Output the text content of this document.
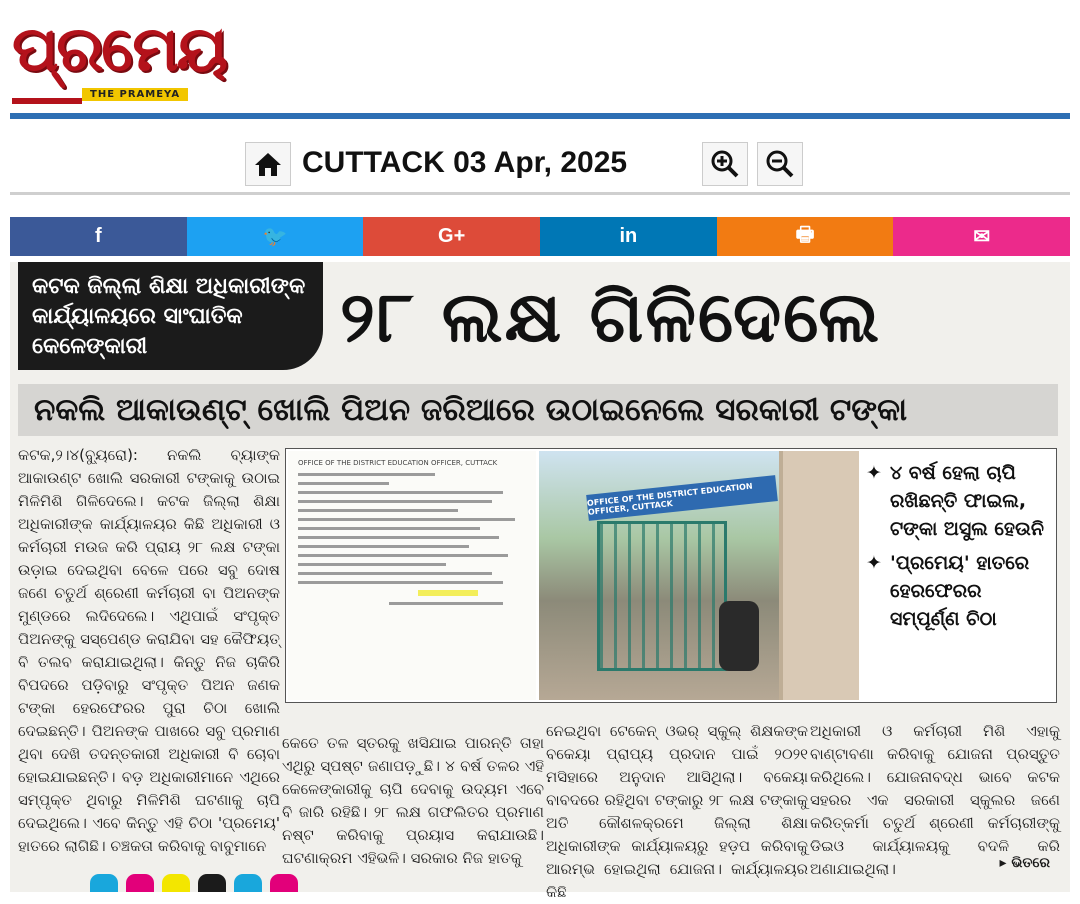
ପ୍ରମେୟ
THE PRAMEYA
CUTTACK 03 Apr, 2025
f	🐦	G+	in	🖶	✉
କଟକ ଜିଲ୍ଲା ଶିକ୍ଷା ଅଧିକାରୀଙ୍କ କାର୍ଯ୍ୟାଳୟରେ ସାଂଘାତିକ କେଳେଙ୍କାରୀ	୨୮ ଲକ୍ଷ ଗିଳିଦେଲେ
ନକଲି ଆକାଉଣ୍ଟ୍ ଖୋଲି ପିଅନ ଜରିଆରେ ଉଠାଇନେଲେ ସରକାରୀ ଟଙ୍କା
କଟକ,୨।୪(ବ୍ୟୁରୋ): ନକଲି ବ୍ୟାଙ୍କ ଆକାଉଣ୍ଟ ଖୋଲି ସରକାରୀ ଟଙ୍କାକୁ ଉଠାଇ ମିଳିମିଶି ଗିଳିଦେଲେ। କଟକ ଜିଲ୍ଲା ଶିକ୍ଷା ଅଧିକାରୀଙ୍କ କାର୍ଯ୍ୟାଳୟର କିଛି ଅଧିକାରୀ ଓ କର୍ମଚାରୀ ମଉଜ କରି ପ୍ରାୟ ୨୮ ଲକ୍ଷ ଟଙ୍କା ଉଡ଼ାଇ ଦେଇଥିବା ବେଳେ ପରେ ସବୁ ଦୋଷ ଜଣେ ଚତୁର୍ଥ ଶ୍ରେଣୀ କର୍ମଚାରୀ ବା ପିଅନଙ୍କ ମୁଣ୍ଡରେ ଲଦିଦେଲେ। ଏଥିପାଇଁ ସଂପୃକ୍ତ ପିଅନଙ୍କୁ ସସ୍ପେଣ୍ଡ କରାଯିବା ସହ କୈଫିୟତ୍ ବି ତଲବ କରାଯାଇଥିଲା। କିନ୍ତୁ ନିଜ ଚାକିରି ବିପଦରେ ପଡ଼ିବାରୁ ସଂପୃକ୍ତ ପିଅନ ଜଣକ ଟଙ୍କା ହେରଫେରର ପୁରା ଚିଠା ଖୋଲି ଦେଇଛନ୍ତି। ପିଅନଙ୍କ ପାଖରେ ସବୁ ପ୍ରମାଣ ଥିବା ଦେଖି ତଦନ୍ତକାରୀ ଅଧିକାରୀ ବି ଚୋବା ହୋଇଯାଇଛନ୍ତି। ବଡ଼ ଅଧିକାରୀମାନେ ଏଥିରେ ସମ୍ପୃକ୍ତ ଥିବାରୁ ମିଳିମିଶି ଘଟଣାକୁ ଚାପି ଦେଇଥିଲେ। ଏବେ କିନ୍ତୁ ଏହି ଚିଠା 'ପ୍ରମେୟ' ହାତରେ ଲାଗିଛି। ଚଞ୍ଚକତା କରିବାକୁ ବାବୁମାନେ
OFFICE OF THE DISTRICT EDUCATION OFFICER, CUTTACK
OFFICE OF THE DISTRICT EDUCATION OFFICER, CUTTACK
✦ ୪ ବର୍ଷ ହେଲା ଚାପି ରଖିଛନ୍ତି ଫାଇଲ, ଟଙ୍କା ଅସୁଲ ହେଉନି
✦ 'ପ୍ରମେୟ' ହାତରେ ହେରଫେରର ସମ୍ପୂର୍ଣ୍ଣ ଚିଠା
କେତେ ତଳ ସ୍ତରକୁ ଖସିଯାଇ ପାରନ୍ତି ତାହା ଏଥିରୁ ସ୍ପଷ୍ଟ ଜଣାପଡ଼ୁଛି। ୪ ବର୍ଷ ତଳର ଏହି କେଳେଙ୍କାରୀକୁ ଚାପି ଦେବାକୁ ଉଦ୍ୟମ ଏବେ ବି ଜାରି ରହିଛି। ୨୮ ଲକ୍ଷ ଗଫଲିତର ପ୍ରମାଣ ନଷ୍ଟ କରିବାକୁ ପ୍ରୟାସ କରାଯାଉଛି। ଘଟଣାକ୍ରମ ଏହିଭଳି। ସରକାର ନିଜ ହାତକୁ
ନେଇଥିବା ଟେକେନ୍ ଓଭର୍ ସ୍କୁଲ୍ ଶିକ୍ଷକଙ୍କ ବକେୟା ପ୍ରାପ୍ୟ ପ୍ରଦାନ ପାଇଁ ୨୦୨୧ ମସିହାରେ ଅନୁଦାନ ଆସିଥିଲା। ବକେୟା ବାବଦରେ ରହିଥିବା ଟଙ୍କାରୁ ୨୮ ଲକ୍ଷ ଟଙ୍କାକୁ ଅତି କୌଶଳକ୍ରମେ ଜିଲ୍ଲା ଶିକ୍ଷା ଅଧିକାରୀଙ୍କ କାର୍ଯ୍ୟାଳୟରୁ ହଡ଼ପ କରିବାକୁ ଆରମ୍ଭ ହୋଇଥିଲା ଯୋଜନା। କାର୍ଯ୍ୟାଳୟର କିଛି
ଅଧିକାରୀ ଓ କର୍ମଚାରୀ ମିଶି ଏହାକୁ ବାଣ୍ଟାବଣା କରିବାକୁ ଯୋଜନା ପ୍ରସ୍ତୁତ କରିଥିଲେ। ଯୋଜନାବଦ୍ଧ ଭାବେ କଟକ ସହରର ଏକ ସରକାରୀ ସ୍କୁଲର ଜଣେ କରିତ୍କର୍ମା ଚତୁର୍ଥ ଶ୍ରେଣୀ କର୍ମଚାରୀଙ୍କୁ ଡିଇଓ କାର୍ଯ୍ୟାଳୟକୁ ବଦଳି କରି ଅଣାଯାଇଥିଲା।	▸ ଭିତରେ
